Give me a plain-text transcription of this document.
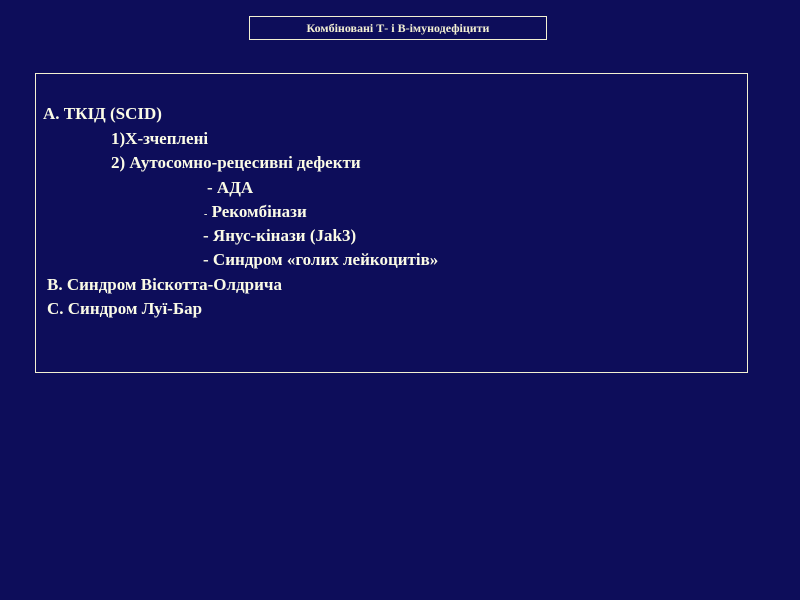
Комбіновані Т- і В-імунодефіцити
А. ТКІД (SCID)
1)Х-зчеплені
2) Аутосомно-рецесивні дефекти
- АДА
- Рекомбінази
- Янус-кінази (Jak3)
- Синдром «голих лейкоцитів»
В. Синдром Віскотта-Олдрича
С. Синдром Луї-Бар
